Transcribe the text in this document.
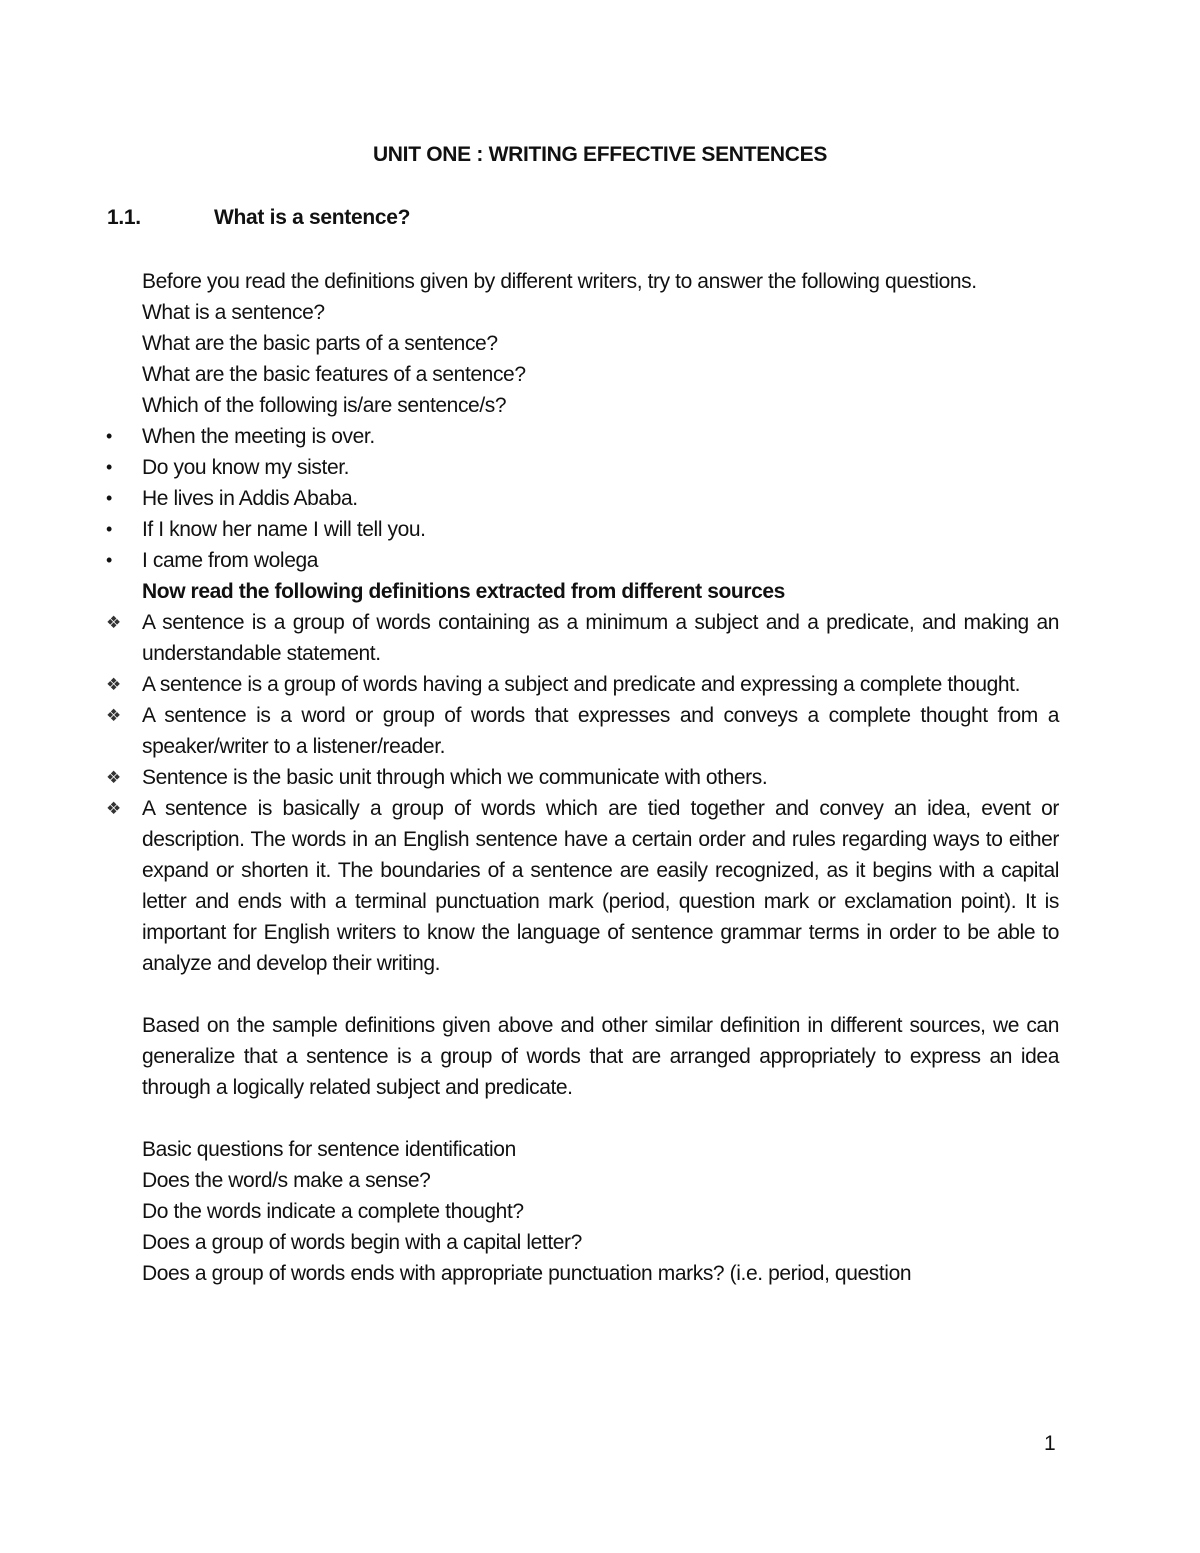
UNIT ONE : WRITING EFFECTIVE SENTENCES
1.1.	What is a sentence?

Before you read the definitions given by different writers, try to answer the following questions.

What is a sentence?

What are the basic parts of a sentence?

What are the basic features of a sentence?

Which of the following is/are sentence/s?

• When the meeting is over.
• Do you know my sister.
• He lives in Addis Ababa.
• If I know her name I will tell you.
• I came from wolega

Now read the following definitions extracted from different sources

❖ A sentence is a group of words containing as a minimum a subject and a predicate, and making an understandable statement.
❖ A sentence is a group of words having a subject and predicate and expressing a complete thought.
❖ A sentence is a word or group of words that expresses and conveys a complete thought from a speaker/writer to a listener/reader.
❖ Sentence is the basic unit through which we communicate with others.
❖ A sentence is basically a group of words which are tied together and convey an idea, event or description. The words in an English sentence have a certain order and rules regarding ways to either expand or shorten it. The boundaries of a sentence are easily recognized, as it begins with a capital letter and ends with a terminal punctuation mark (period, question mark or exclamation point). It is important for English writers to know the language of sentence grammar terms in order to be able to analyze and develop their writing.

Based on the sample definitions given above and other similar definition in different sources, we can generalize that a sentence is a group of words that are arranged appropriately to express an idea through a logically related subject and predicate.

Basic questions for sentence identification

Does the word/s make a sense?

Do the words indicate a complete thought?

Does a group of words begin with a capital letter?

Does a group of words ends with appropriate punctuation marks? (i.e. period, question

1
